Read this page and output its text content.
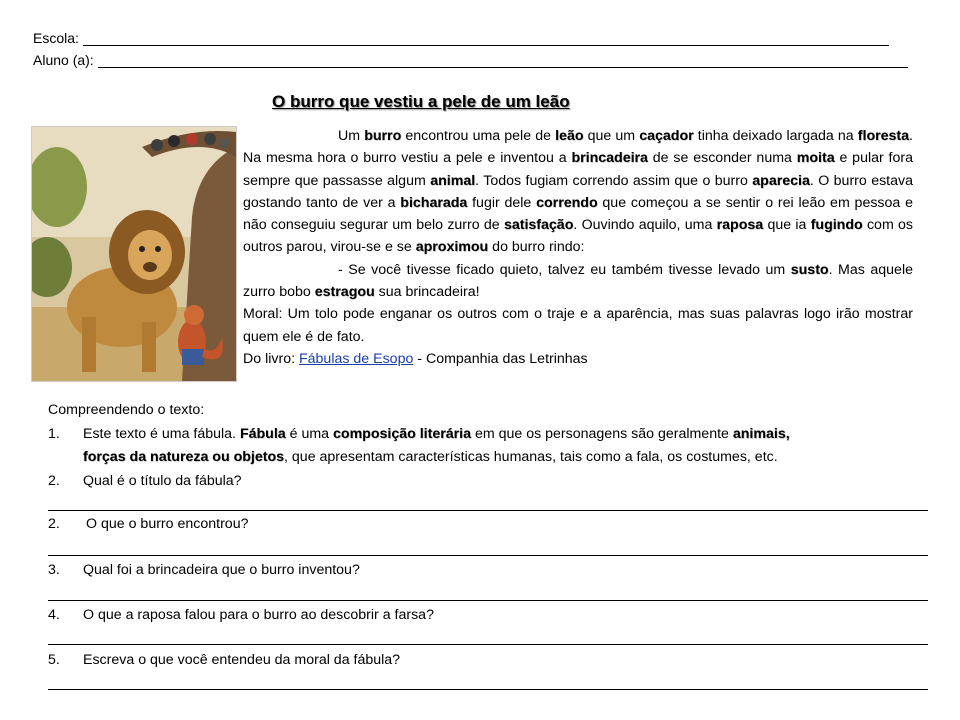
Escola:
Aluno (a):
O burro que vestiu a pele de um leão

Um burro encontrou uma pele de leão que um caçador tinha deixado largada na floresta. Na mesma hora o burro vestiu a pele e inventou a brincadeira de se esconder numa moita e pular fora sempre que passasse algum animal. Todos fugiam correndo assim que o burro aparecia. O burro estava gostando tanto de ver a bicharada fugir dele correndo que começou a se sentir o rei leão em pessoa e não conseguiu segurar um belo zurro de satisfação. Ouvindo aquilo, uma raposa que ia fugindo com os outros parou, virou-se e se aproximou do burro rindo:

- Se você tivesse ficado quieto, talvez eu também tivesse levado um susto. Mas aquele zurro bobo estragou sua brincadeira!

Moral: Um tolo pode enganar os outros com o traje e a aparência, mas suas palavras logo irão mostrar quem ele é de fato.

Do livro: Fábulas de Esopo - Companhia das Letrinhas

Compreendendo o texto:
1. Este texto é uma fábula. Fábula é uma composição literária em que os personagens são geralmente animais,
forças da natureza ou objetos, que apresentam características humanas, tais como a fala, os costumes, etc.
2. Qual é o título da fábula?
2. O que o burro encontrou?
3. Qual foi a brincadeira que o burro inventou?
4. O que a raposa falou para o burro ao descobrir a farsa?
5. Escreva o que você entendeu da moral da fábula?
